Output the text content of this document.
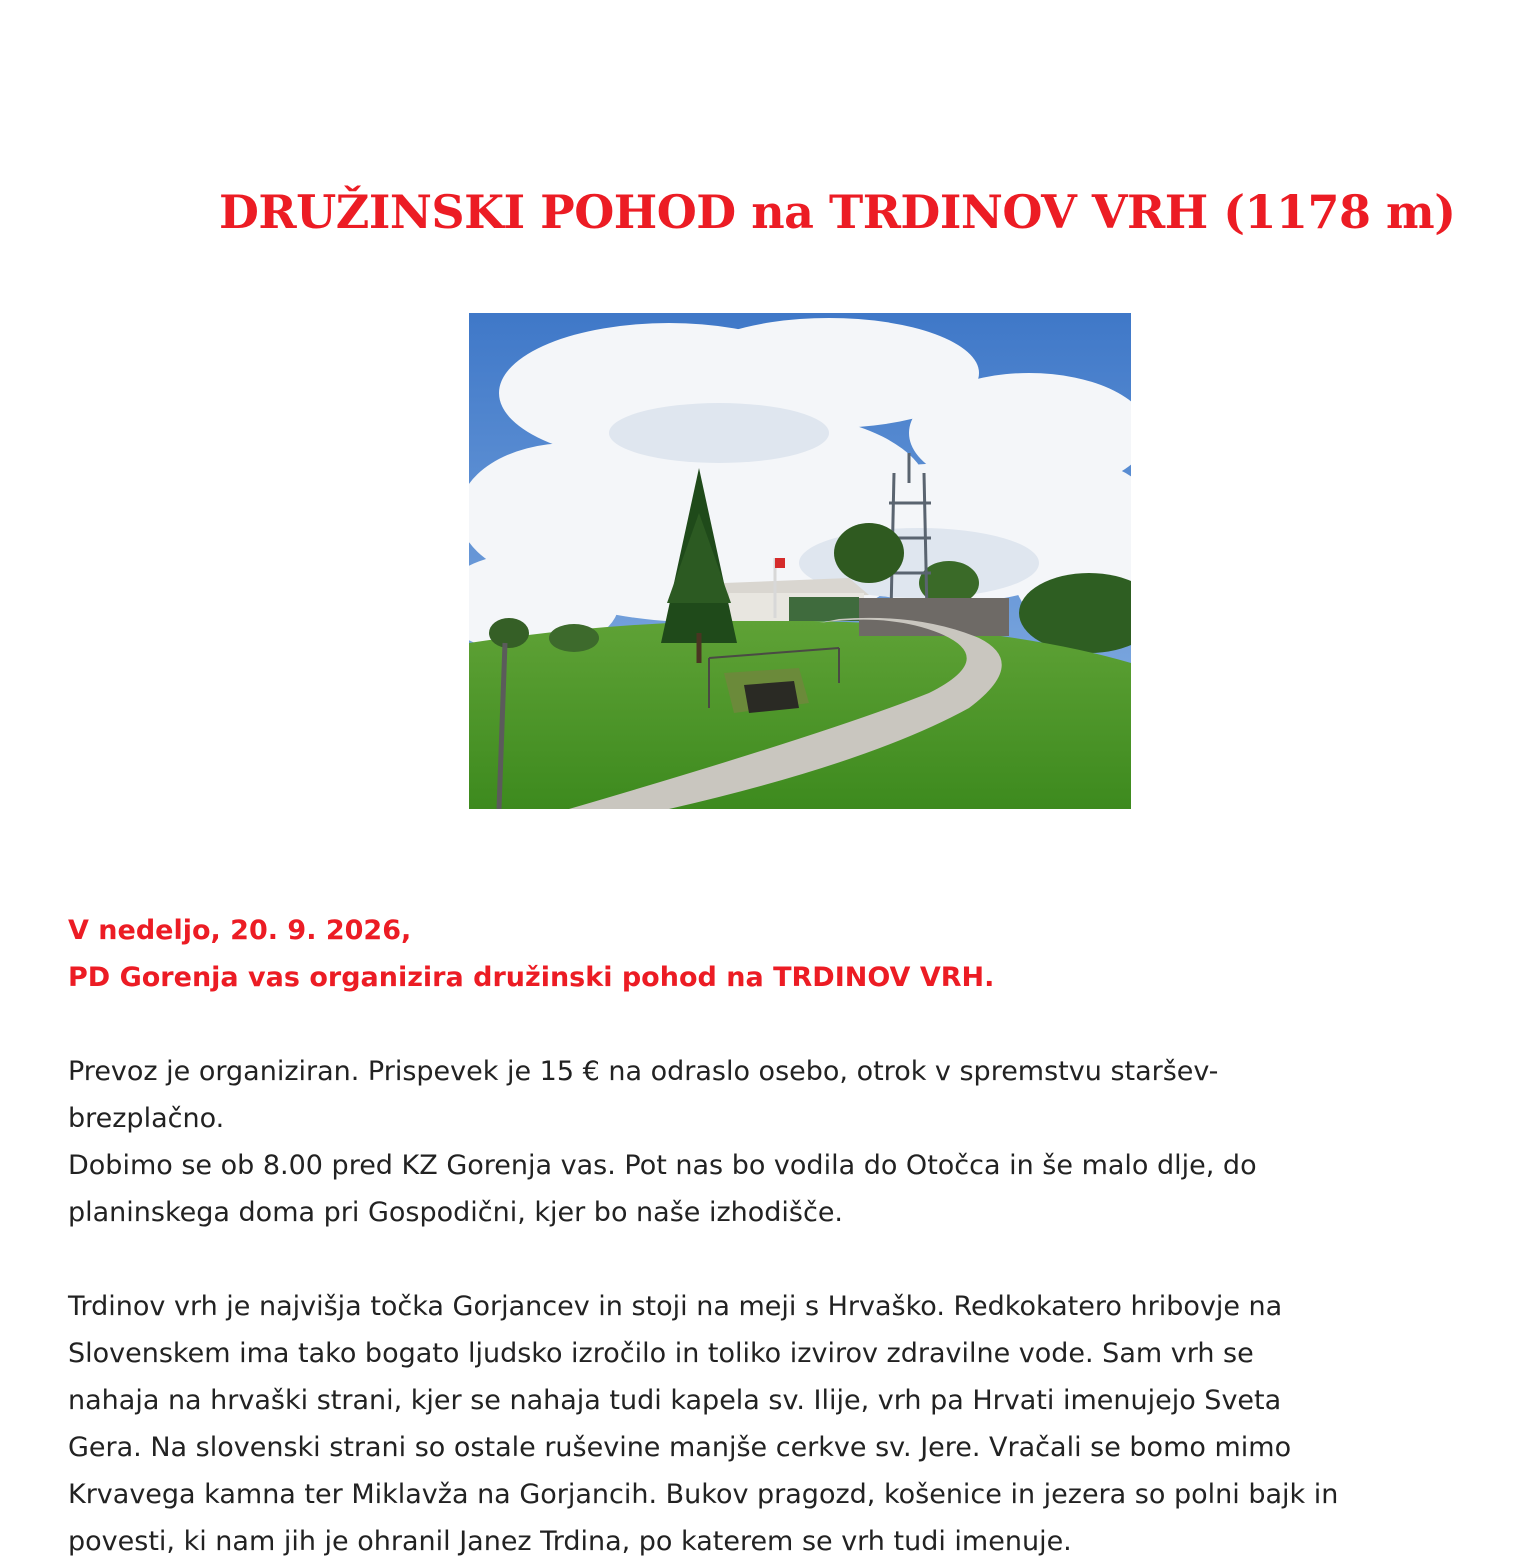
DRUŽINSKI POHOD na TRDINOV VRH (1178 m)
V nedeljo, 20. 9. 2026,
PD Gorenja vas organizira družinski pohod na TRDINOV VRH.
Prevoz je organiziran. Prispevek je 15 € na odraslo osebo, otrok v spremstvu staršev-
brezplačno.
Dobimo se ob 8.00 pred KZ Gorenja vas. Pot nas bo vodila do Otočca in še malo dlje, do
planinskega doma pri Gospodični, kjer bo naše izhodišče.
Trdinov vrh je najvišja točka Gorjancev in stoji na meji s Hrvaško. Redkokatero hribovje na
Slovenskem ima tako bogato ljudsko izročilo in toliko izvirov zdravilne vode. Sam vrh se
nahaja na hrvaški strani, kjer se nahaja tudi kapela sv. Ilije, vrh pa Hrvati imenujejo Sveta
Gera. Na slovenski strani so ostale ruševine manjše cerkve sv. Jere. Vračali se bomo mimo
Krvavega kamna ter Miklavža na Gorjancih. Bukov pragozd, košenice in jezera so polni bajk in
povesti, ki nam jih je ohranil Janez Trdina, po katerem se vrh tudi imenuje.
